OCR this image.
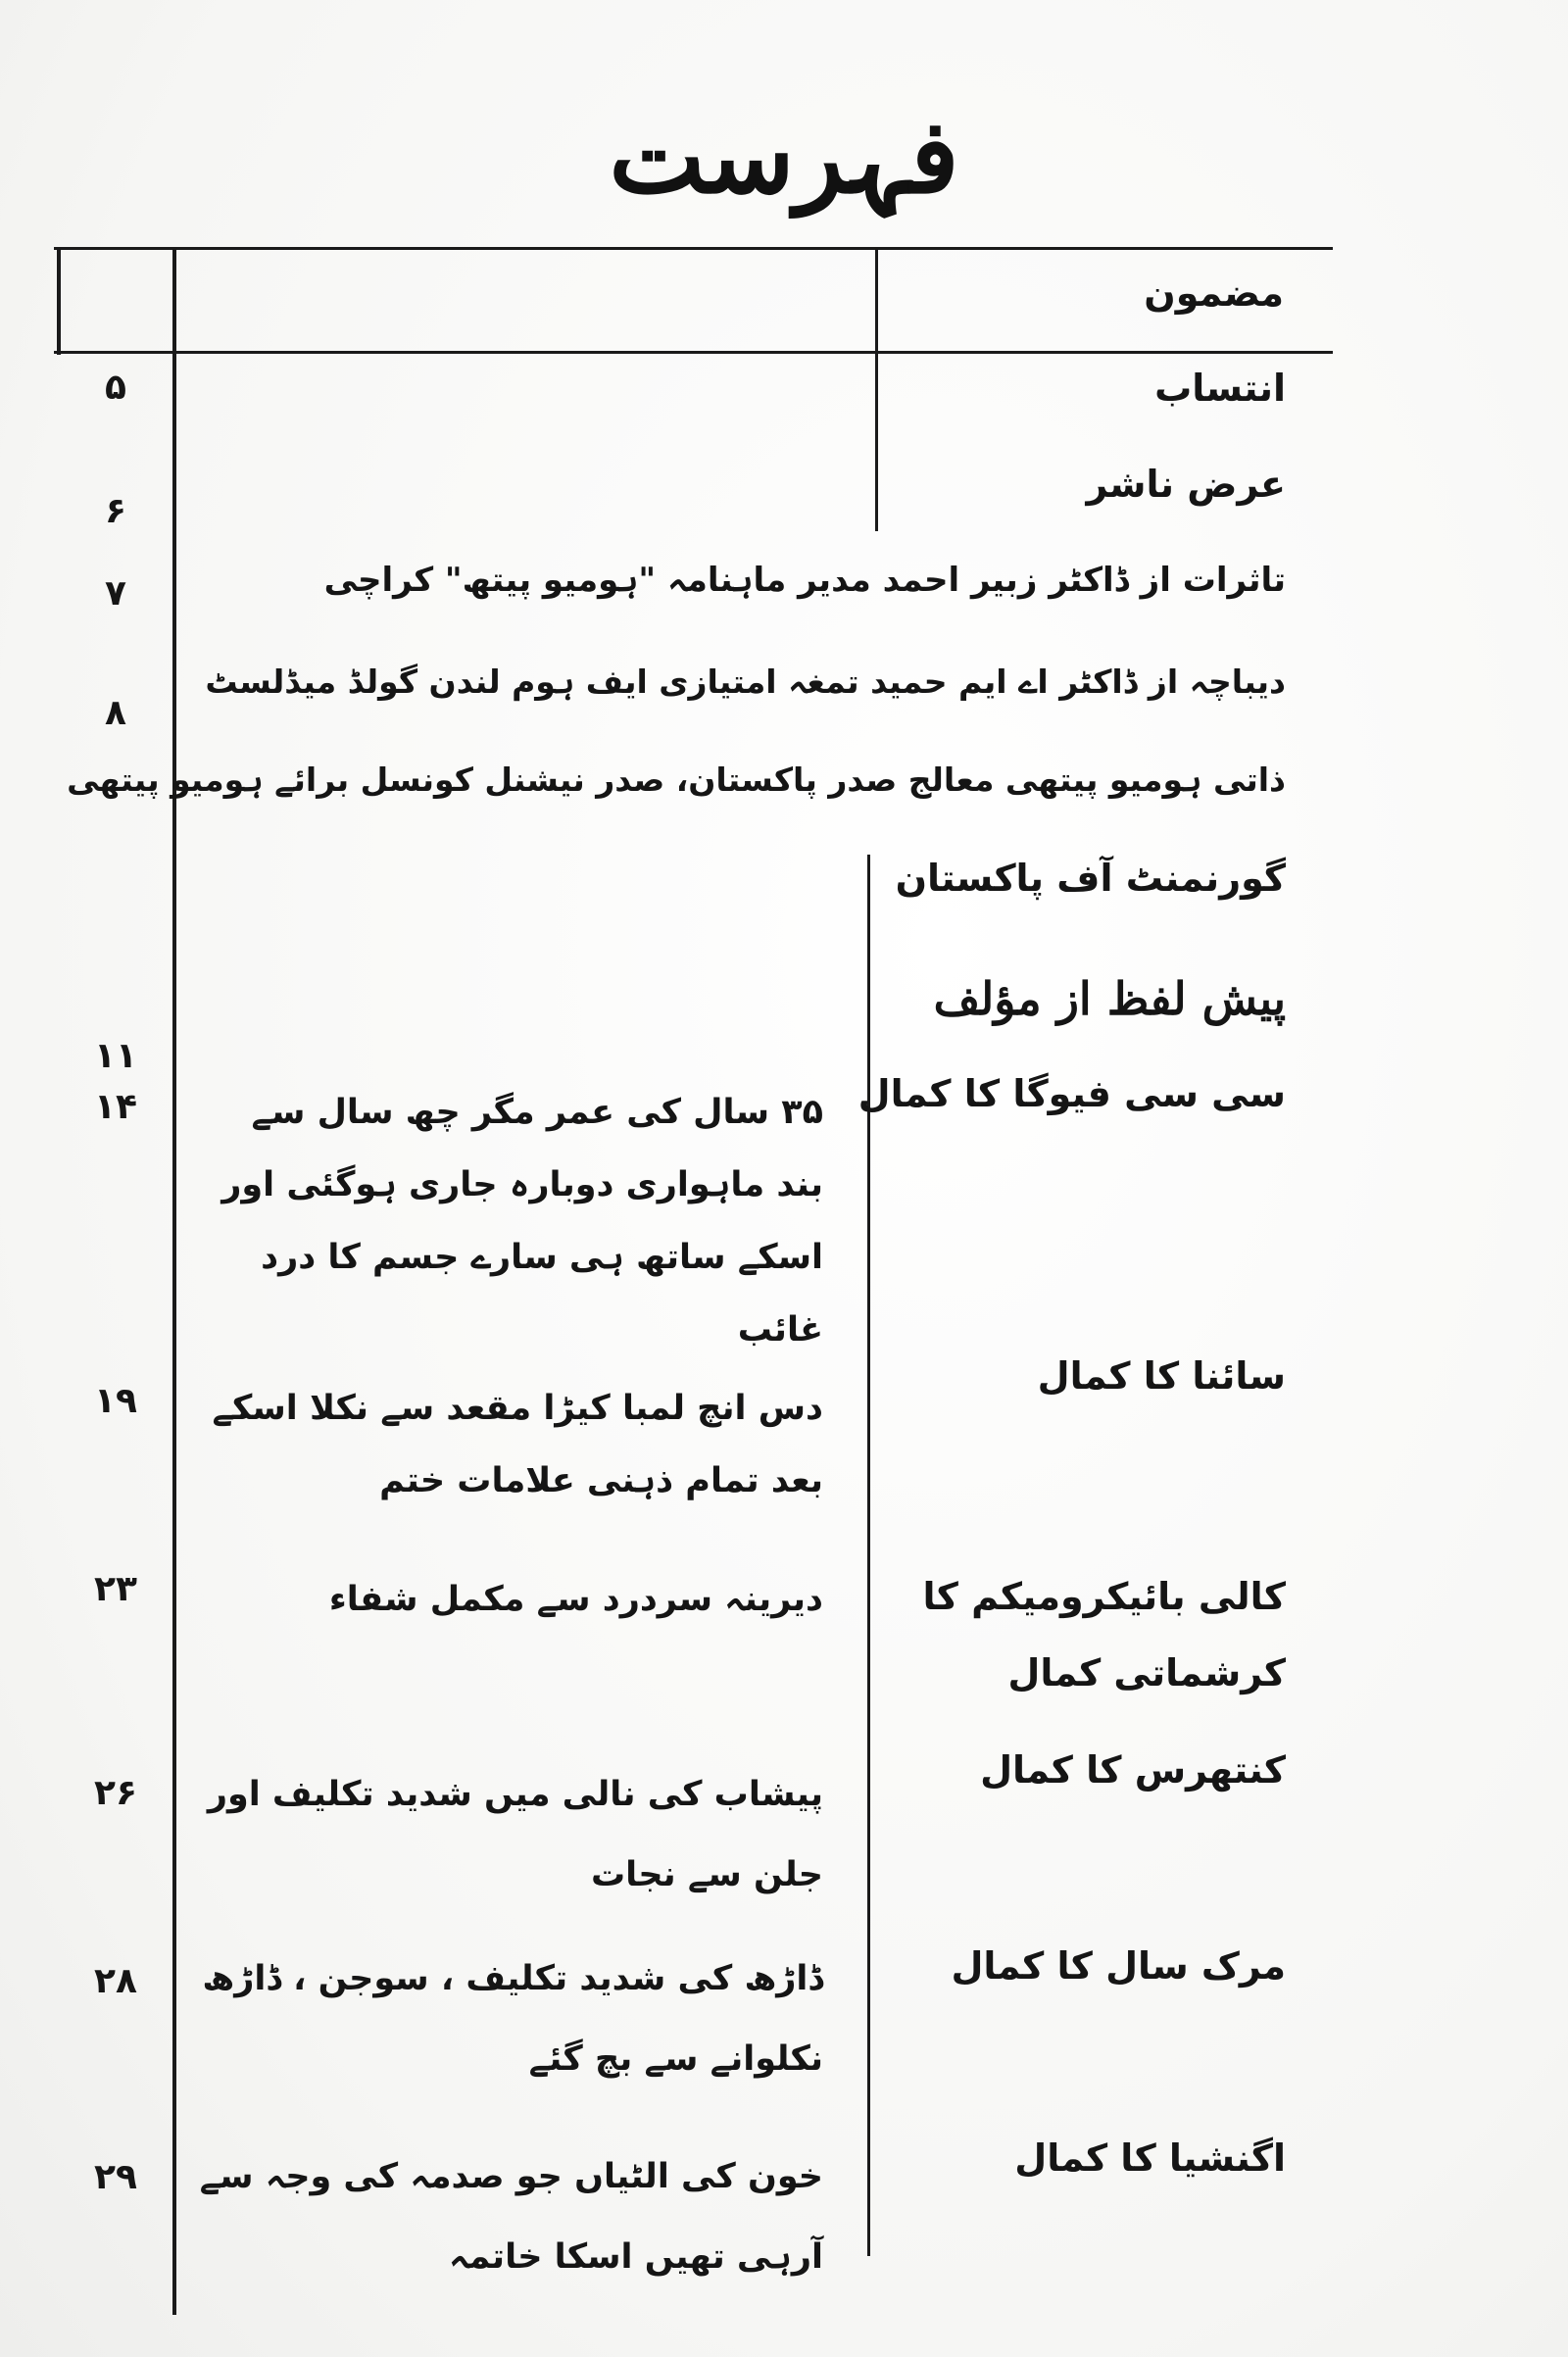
فہرست
مضمون
انتساب
۵
عرض ناشر
۶
تاثرات از ڈاکٹر زبیر احمد مدیر ماہنامہ "ہومیو پیتھ" کراچی
۷
دیباچہ از ڈاکٹر اے ایم حمید تمغہ امتیازی ایف ہوم لندن گولڈ میڈلسٹ
۸
ذاتی ہومیو پیتھی معالج صدر پاکستان، صدر نیشنل کونسل برائے ہومیو پیتھی
گورنمنٹ آف پاکستان
پیش لفظ از مؤلف
۱۱
سی سی فیوگا کا کمال
۳۵ سال کی عمر مگر چھ سال سے بند ماہواری دوبارہ جاری ہوگئی اور اسکے ساتھ ہی سارے جسم کا درد غائب
۱۴
سائنا کا کمال
دس انچ لمبا کیڑا مقعد سے نکلا اسکے بعد تمام ذہنی علامات ختم
۱۹
کالی بائیکرومیکم کا کرشماتی کمال
دیرینہ سردرد سے مکمل شفاء
۲۳
کنتھرس کا کمال
پیشاب کی نالی میں شدید تکلیف اور جلن سے نجات
۲۶
مرک سال کا کمال
ڈاڑھ کی شدید تکلیف ، سوجن ، ڈاڑھ نکلوانے سے بچ گئے
۲۸
اگنشیا کا کمال
خون کی الٹیاں جو صدمہ کی وجہ سے آرہی تھیں اسکا خاتمہ
۲۹
